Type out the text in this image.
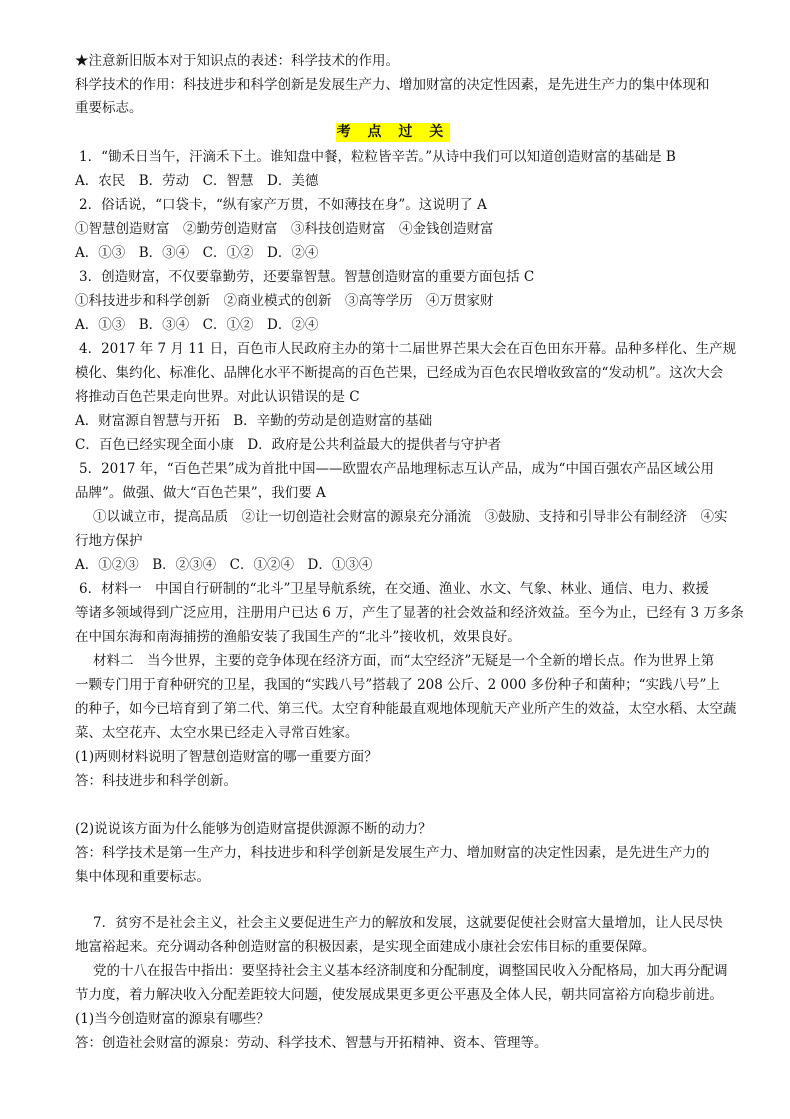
★注意新旧版本对于知识点的表述：科学技术的作用。
科学技术的作用：科技进步和科学创新是发展生产力、增加财富的决定性因素，是先进生产力的集中体现和
重要标志。
考 点 过 关
1．“锄禾日当午，汗滴禾下土。谁知盘中餐，粒粒皆辛苦。”从诗中我们可以知道创造财富的基础是 B
A．农民　B．劳动　C．智慧　D．美德
2．俗话说，“口袋卡，“纵有家产万贯，不如薄技在身”。这说明了 A
①智慧创造财富　②勤劳创造财富　③科技创造财富　④金钱创造财富
A．①③　B．③④　C．①②　D．②④
3．创造财富，不仅要靠勤劳，还要靠智慧。智慧创造财富的重要方面包括 C
①科技进步和科学创新　②商业模式的创新　③高等学历　④万贯家财
A．①③　B．③④　C．①②　D．②④
4．2017 年 7 月 11 日，百色市人民政府主办的第十二届世界芒果大会在百色田东开幕。品种多样化、生产规
模化、集约化、标准化、品牌化水平不断提高的百色芒果，已经成为百色农民增收致富的“发动机”。这次大会
将推动百色芒果走向世界。对此认识错误的是 C
A．财富源自智慧与开拓　B．辛勤的劳动是创造财富的基础
C．百色已经实现全面小康　D．政府是公共利益最大的提供者与守护者
5．2017 年，“百色芒果”成为首批中国——欧盟农产品地理标志互认产品，成为“中国百强农产品区域公用
品牌”。做强、做大“百色芒果”，我们要 A
①以诚立市，提高品质　②让一切创造社会财富的源泉充分涌流　③鼓励、支持和引导非公有制经济　④实
行地方保护
A．①②③　B．②③④　C．①②④　D．①③④
6．材料一　中国自行研制的“北斗”卫星导航系统，在交通、渔业、水文、气象、林业、通信、电力、救援
等诸多领域得到广泛应用，注册用户已达 6 万，产生了显著的社会效益和经济效益。至今为止，已经有 3 万多条
在中国东海和南海捕捞的渔船安装了我国生产的“北斗”接收机，效果良好。
材料二　当今世界，主要的竞争体现在经济方面，而“太空经济”无疑是一个全新的增长点。作为世界上第
一颗专门用于育种研究的卫星，我国的“实践八号”搭载了 208 公斤、2 000 多份种子和菌种；“实践八号”上
的种子，如今已培育到了第二代、第三代。太空育种能最直观地体现航天产业所产生的效益，太空水稻、太空蔬
菜、太空花卉、太空水果已经走入寻常百姓家。
(1)两则材料说明了智慧创造财富的哪一重要方面？
答：科技进步和科学创新。
(2)说说该方面为什么能够为创造财富提供源源不断的动力？
答：科学技术是第一生产力，科技进步和科学创新是发展生产力、增加财富的决定性因素，是先进生产力的
集中体现和重要标志。
7．贫穷不是社会主义，社会主义要促进生产力的解放和发展，这就要促使社会财富大量增加，让人民尽快
地富裕起来。充分调动各种创造财富的积极因素，是实现全面建成小康社会宏伟目标的重要保障。
党的十八在报告中指出：要坚持社会主义基本经济制度和分配制度，调整国民收入分配格局，加大再分配调
节力度，着力解决收入分配差距较大问题，使发展成果更多更公平惠及全体人民，朝共同富裕方向稳步前进。
(1)当今创造财富的源泉有哪些？
答：创造社会财富的源泉：劳动、科学技术、智慧与开拓精神、资本、管理等。
